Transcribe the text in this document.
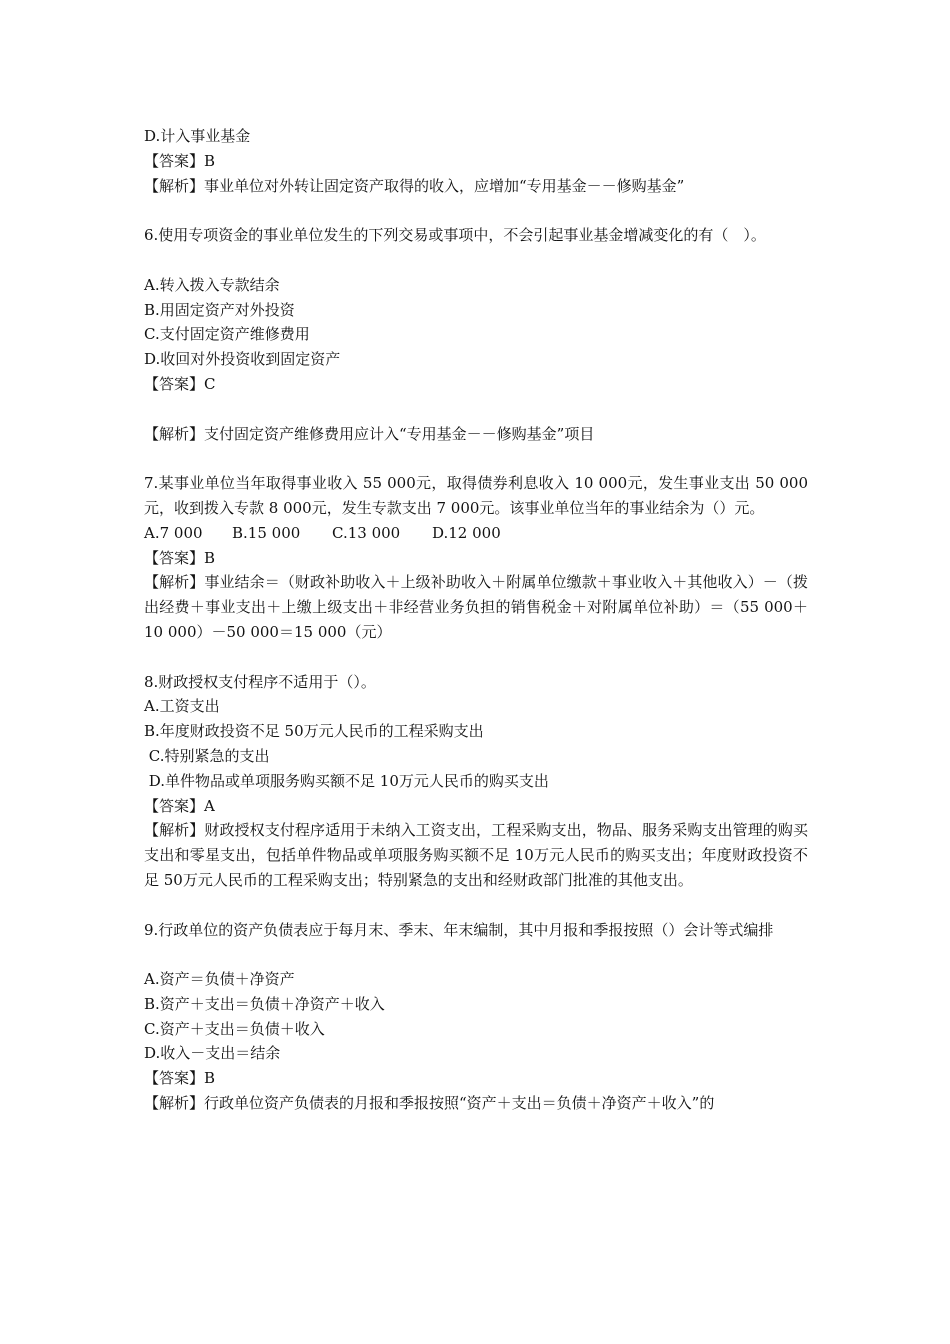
D.计入事业基金

【答案】B

【解析】事业单位对外转让固定资产取得的收入，应增加“专用基金－－修购基金”

6.使用专项资金的事业单位发生的下列交易或事项中，不会引起事业基金增减变化的有（　）。

A.转入拨入专款结余

B.用固定资产对外投资

C.支付固定资产维修费用

D.收回对外投资收到固定资产

【答案】C

【解析】支付固定资产维修费用应计入“专用基金－－修购基金”项目

7.某事业单位当年取得事业收入 55 000元，取得债券利息收入 10 000元，发生事业支出 50 000元，收到拨入专款 8 000元，发生专款支出 7 000元。该事业单位当年的事业结余为（）元。

A.7 000	B.15 000	C.13 000	D.12 000

【答案】B

【解析】事业结余＝（财政补助收入＋上级补助收入＋附属单位缴款＋事业收入＋其他收入）－（拨出经费＋事业支出＋上缴上级支出＋非经营业务负担的销售税金＋对附属单位补助）＝（55 000＋10 000）－50 000＝15 000（元）

8.财政授权支付程序不适用于（）。

A.工资支出

B.年度财政投资不足 50万元人民币的工程采购支出

C.特别紧急的支出

D.单件物品或单项服务购买额不足 10万元人民币的购买支出

【答案】A

【解析】财政授权支付程序适用于未纳入工资支出，工程采购支出，物品、服务采购支出管理的购买支出和零星支出，包括单件物品或单项服务购买额不足 10万元人民币的购买支出；年度财政投资不足 50万元人民币的工程采购支出；特别紧急的支出和经财政部门批准的其他支出。

9.行政单位的资产负债表应于每月末、季末、年末编制，其中月报和季报按照（）会计等式编排

A.资产＝负债＋净资产

B.资产＋支出＝负债＋净资产＋收入

C.资产＋支出＝负债＋收入

D.收入－支出＝结余

【答案】B

【解析】行政单位资产负债表的月报和季报按照“资产＋支出＝负债＋净资产＋收入”的
